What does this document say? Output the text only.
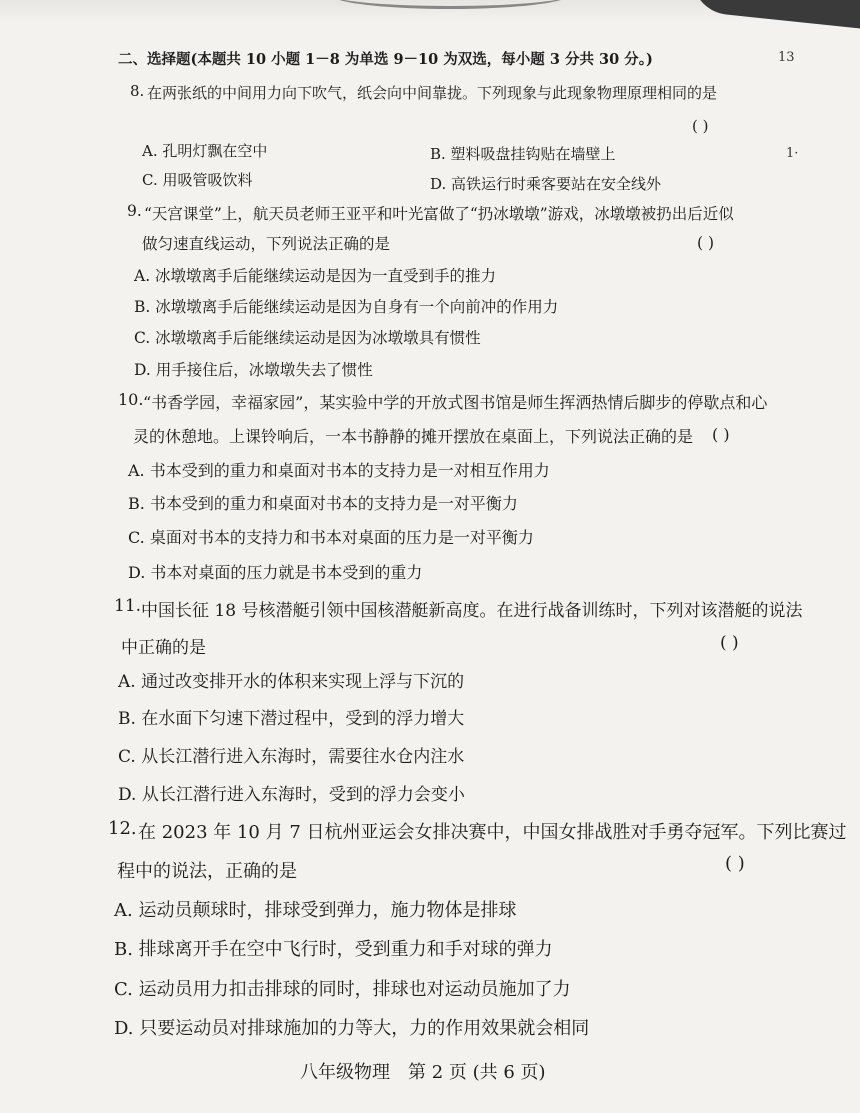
二、选择题(本题共 10 小题 1－8 为单选 9－10 为双选，每小题 3 分共 30 分。)	13
1·
8. 在两张纸的中间用力向下吹气，纸会向中间靠拢。下列现象与此现象物理原理相同的是
( )
A. 孔明灯飘在空中	B. 塑料吸盘挂钩贴在墙壁上
C. 用吸管吸饮料	D. 高铁运行时乘客要站在安全线外
9. “天宫课堂”上，航天员老师王亚平和叶光富做了“扔冰墩墩”游戏，冰墩墩被扔出后近似
做匀速直线运动，下列说法正确的是	( )
A. 冰墩墩离手后能继续运动是因为一直受到手的推力
B. 冰墩墩离手后能继续运动是因为自身有一个向前冲的作用力
C. 冰墩墩离手后能继续运动是因为冰墩墩具有惯性
D. 用手接住后，冰墩墩失去了惯性
10. “书香学园，幸福家园”，某实验中学的开放式图书馆是师生挥洒热情后脚步的停歇点和心
灵的休憩地。上课铃响后，一本书静静的摊开摆放在桌面上，下列说法正确的是 ( )
A. 书本受到的重力和桌面对书本的支持力是一对相互作用力
B. 书本受到的重力和桌面对书本的支持力是一对平衡力
C. 桌面对书本的支持力和书本对桌面的压力是一对平衡力
D. 书本对桌面的压力就是书本受到的重力
11. 中国长征 18 号核潜艇引领中国核潜艇新高度。在进行战备训练时，下列对该潜艇的说法
中正确的是	( )
A. 通过改变排开水的体积来实现上浮与下沉的
B. 在水面下匀速下潜过程中，受到的浮力增大
C. 从长江潜行进入东海时，需要往水仓内注水
D. 从长江潜行进入东海时，受到的浮力会变小
12. 在 2023 年 10 月 7 日杭州亚运会女排决赛中，中国女排战胜对手勇夺冠军。下列比赛过
程中的说法，正确的是	( )
A. 运动员颠球时，排球受到弹力，施力物体是排球
B. 排球离开手在空中飞行时，受到重力和手对球的弹力
C. 运动员用力扣击排球的同时，排球也对运动员施加了力
D. 只要运动员对排球施加的力等大，力的作用效果就会相同
八年级物理　第 2 页 (共 6 页)
